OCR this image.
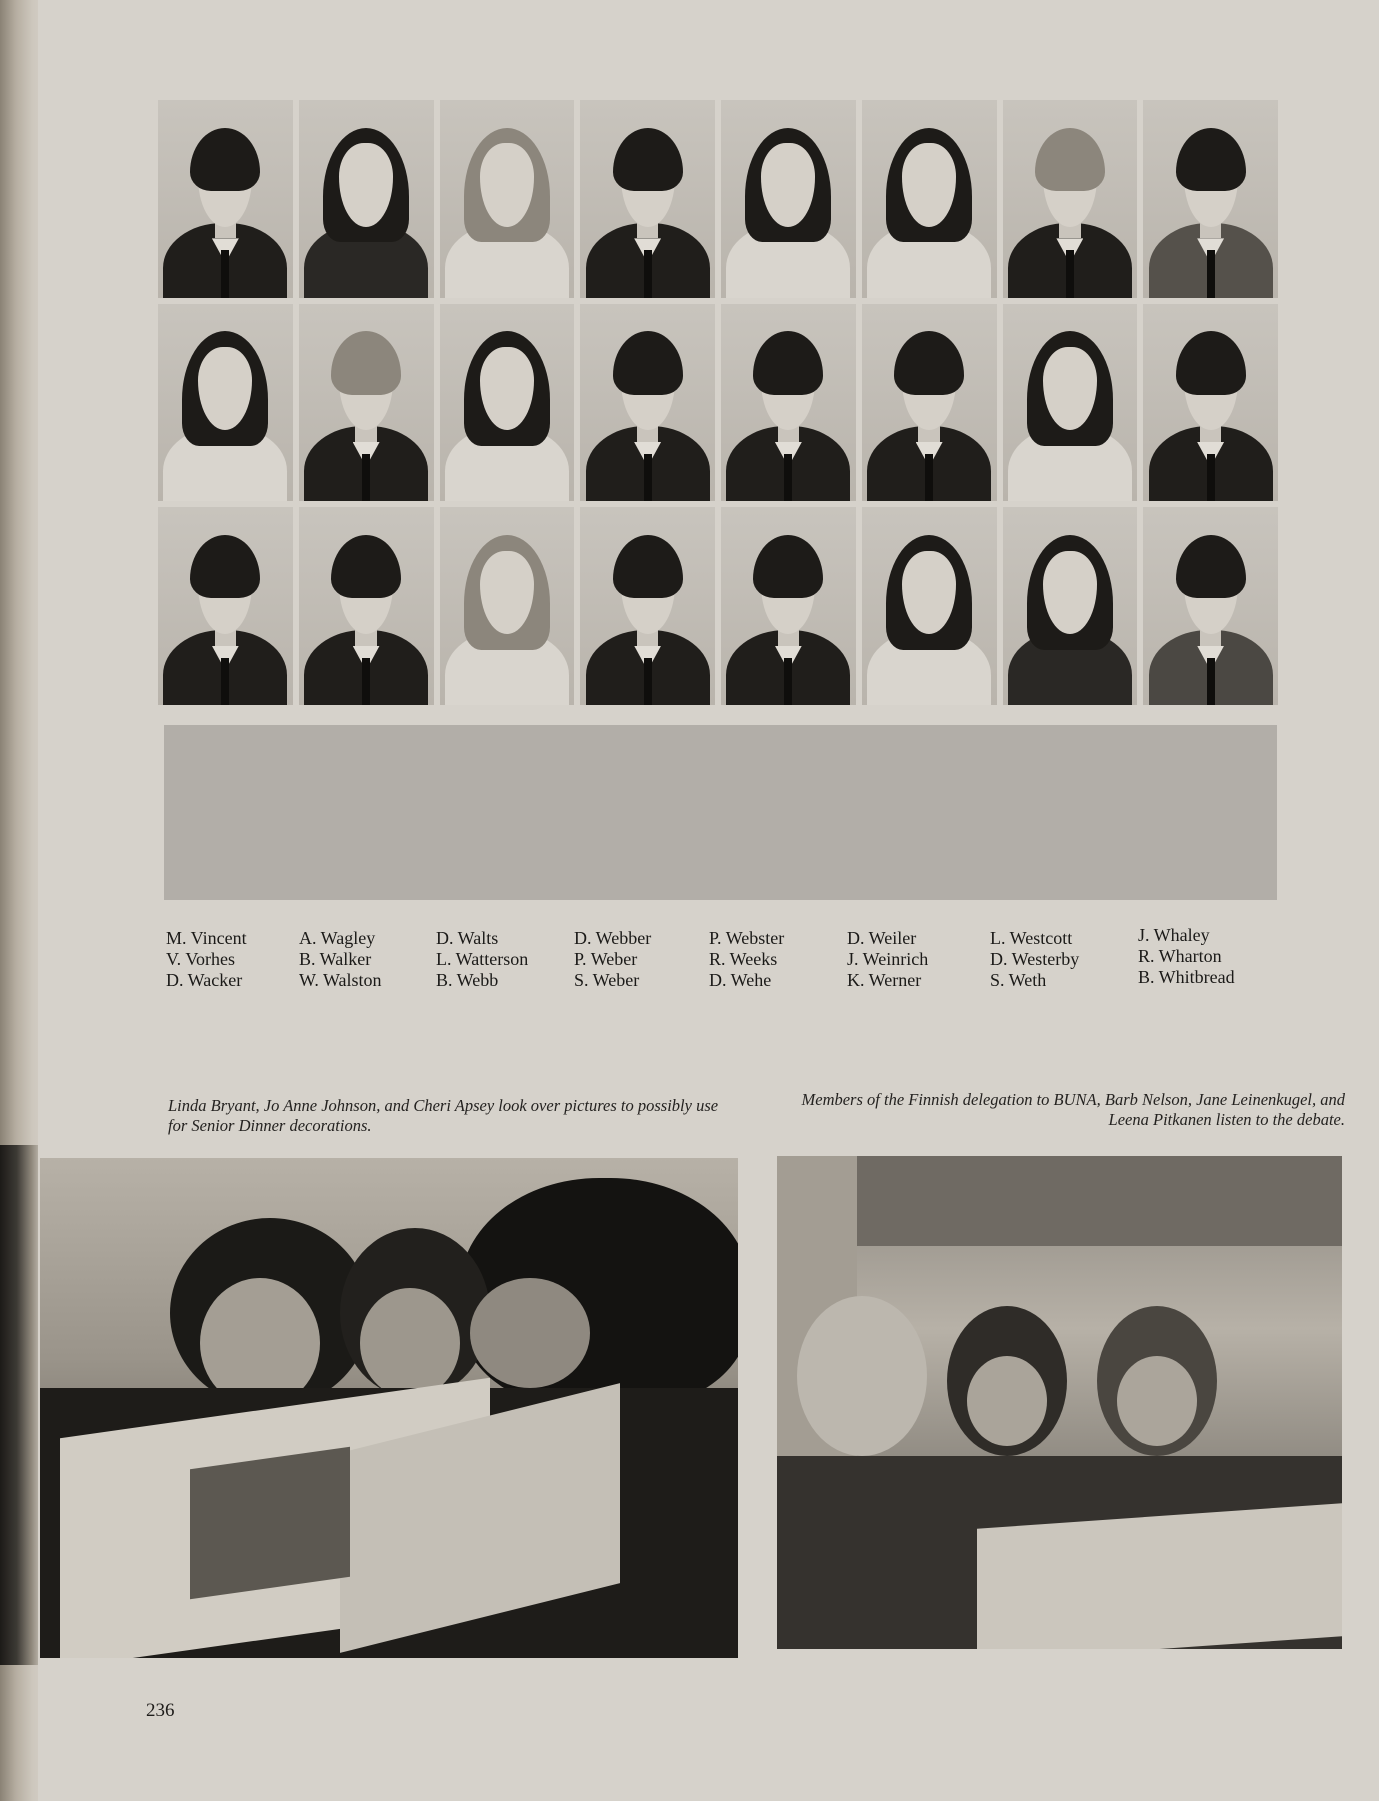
M. Vincent
V. Vorhes
D. Wacker
A. Wagley
B. Walker
W. Walston
D. Walts
L. Watterson
B. Webb
D. Webber
P. Weber
S. Weber
P. Webster
R. Weeks
D. Wehe
D. Weiler
J. Weinrich
K. Werner
L. Westcott
D. Westerby
S. Weth
J. Whaley
R. Wharton
B. Whitbread
Linda Bryant, Jo Anne Johnson, and Cheri Apsey look over pictures to possibly use for Senior Dinner decorations.
Members of the Finnish delegation to BUNA, Barb Nelson, Jane Leinenkugel, and Leena Pitkanen listen to the debate.
236
